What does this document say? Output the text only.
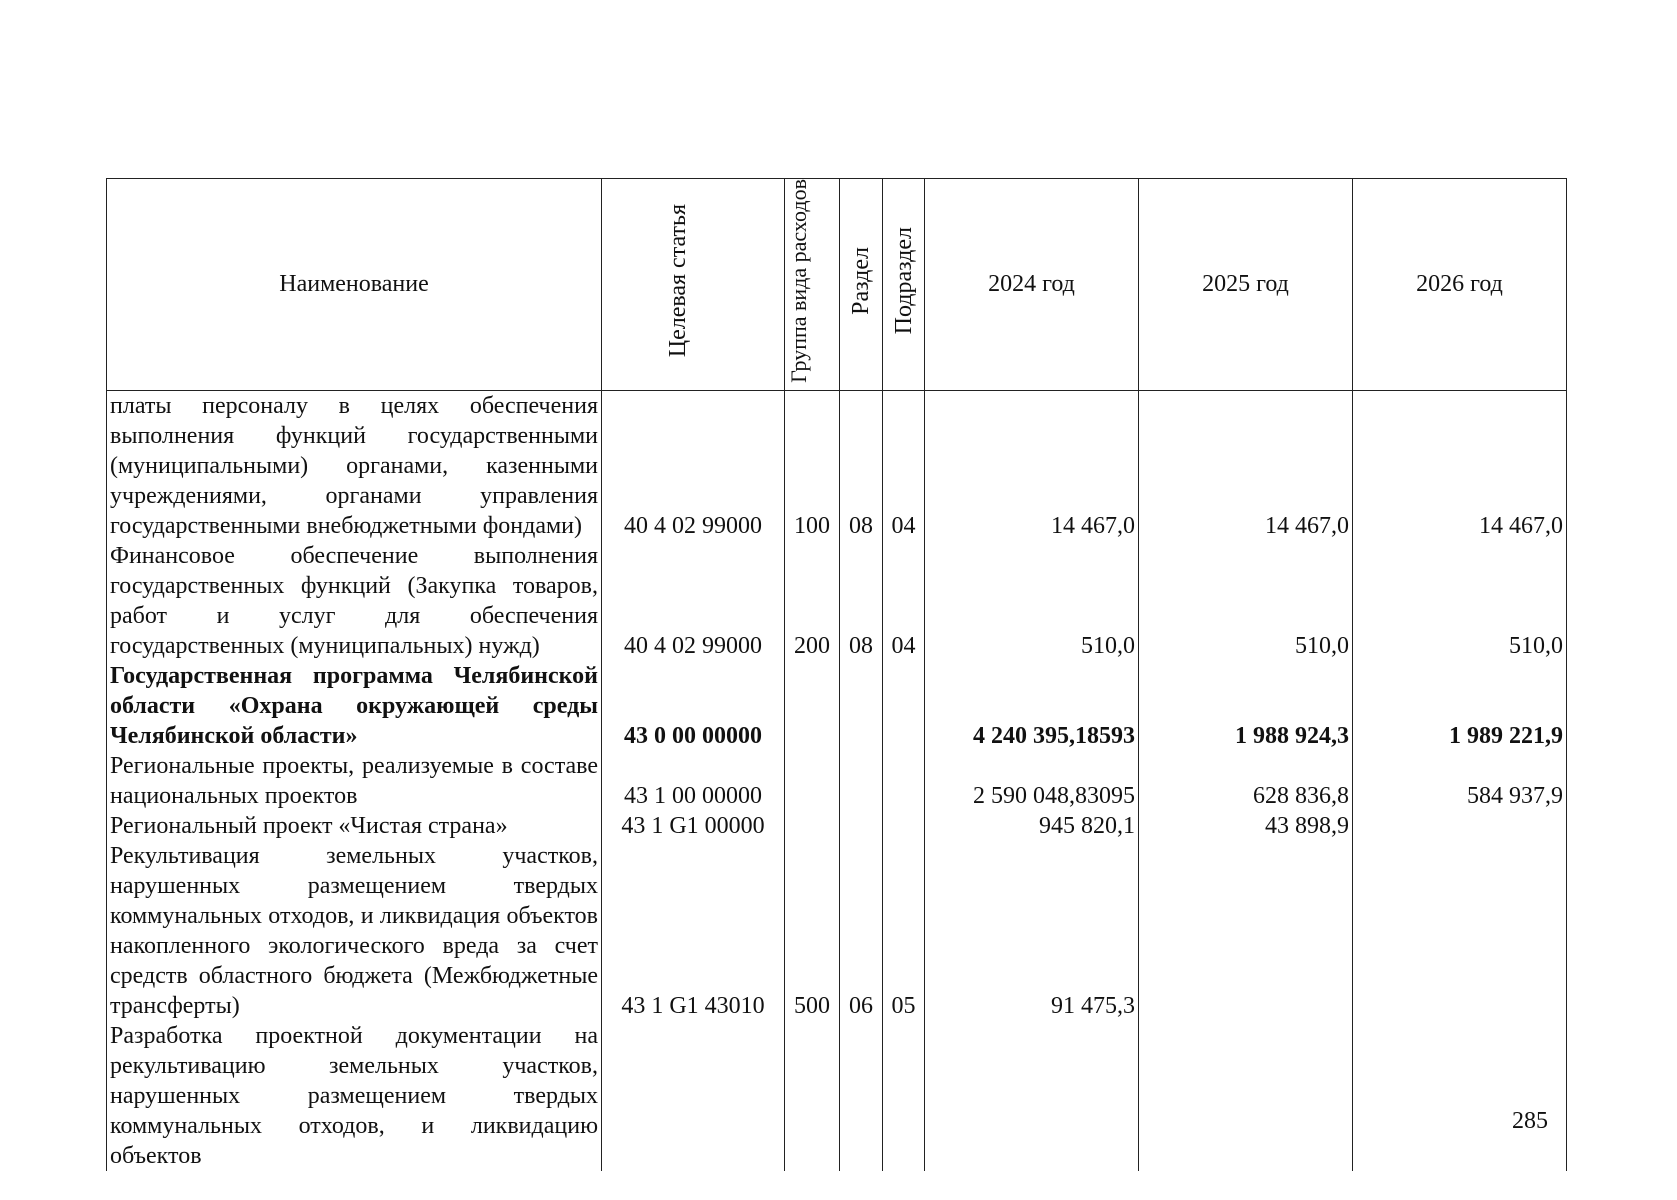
Наименование	Целевая статья	Группа вида расходов	Раздел	Подраздел	2024 год	2025 год	2026 год
платы персоналу в целях обеспечения выполнения функций государственными (муниципальными) органами, казенными учреждениями, органами управления государственными внебюджетными фондами)	40 4 02 99000	100	08	04	14 467,0	14 467,0	14 467,0
Финансовое обеспечение выполнения государственных функций (Закупка товаров, работ и услуг для обеспечения государственных (муниципальных) нужд)	40 4 02 99000	200	08	04	510,0	510,0	510,0
Государственная программа Челябинской области «Охрана окружающей среды Челябинской области»	43 0 00 00000				4 240 395,18593	1 988 924,3	1 989 221,9
Региональные проекты, реализуемые в составе национальных проектов	43 1 00 00000				2 590 048,83095	628 836,8	584 937,9
Региональный проект «Чистая страна»	43 1 G1 00000				945 820,1	43 898,9	
Рекультивация земельных участков, нарушенных размещением твердых коммунальных отходов, и ликвидация объектов накопленного экологического вреда за счет средств областного бюджета (Межбюджетные трансферты)	43 1 G1 43010	500	06	05	91 475,3		
Разработка проектной документации на рекультивацию земельных участков, нарушенных размещением твердых коммунальных отходов, и ликвидацию объектов							
285
